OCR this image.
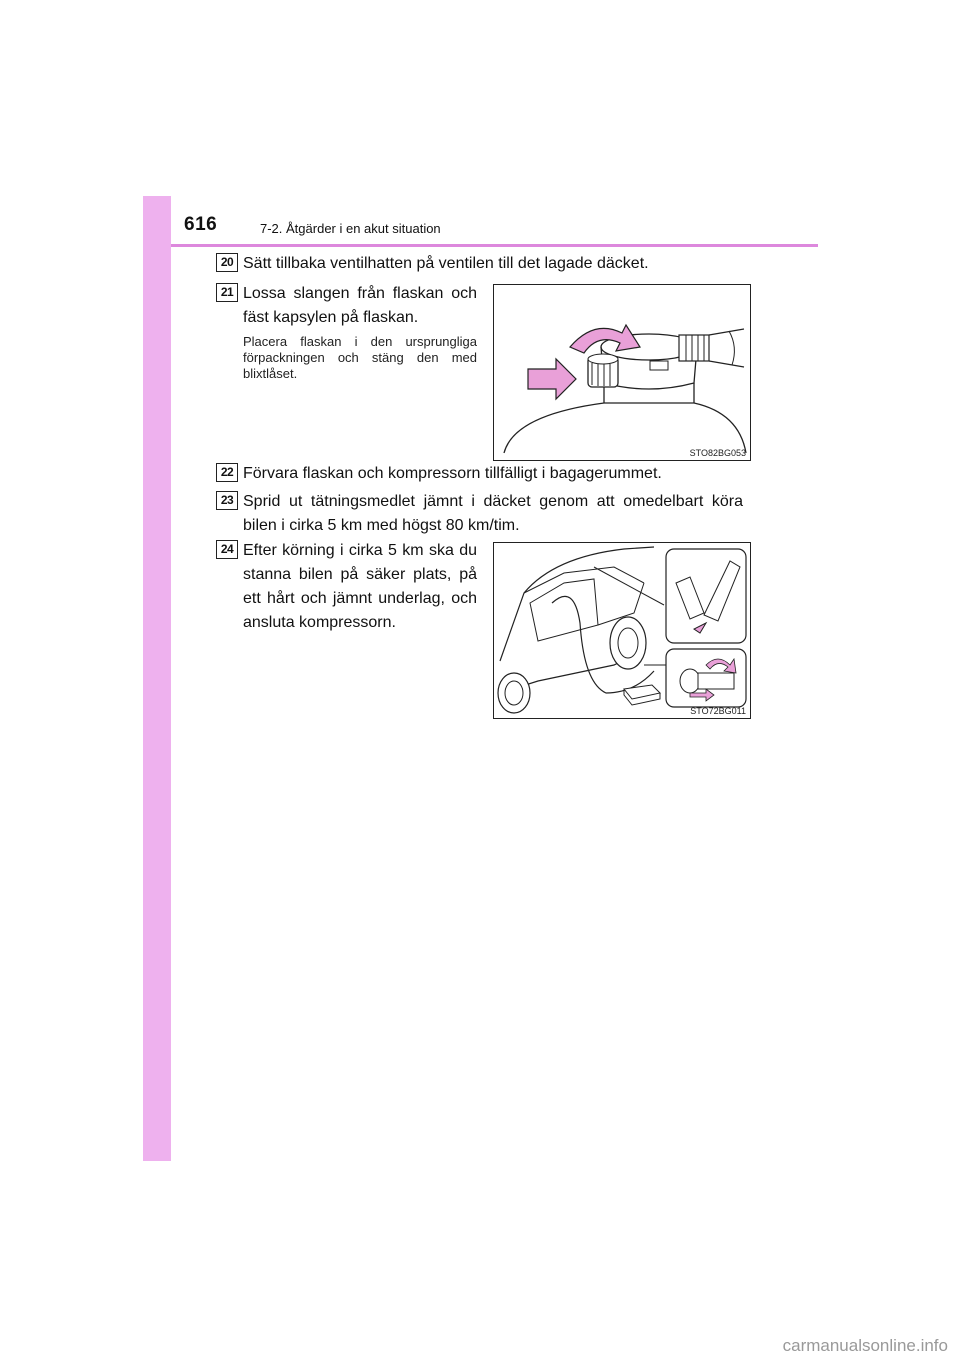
616	7-2. Åtgärder i en akut situation
20 Sätt tillbaka ventilhatten på ventilen till det lagade däcket.
21 Lossa slangen från flaskan och
fäst kapsylen på flaskan.
Placera flaskan i den ursprungliga
förpackningen och stäng den med
blixtlåset.
STO82BG053
22 Förvara flaskan och kompressorn tillfälligt i bagagerummet.
23 Sprid ut tätningsmedlet jämnt i däcket genom att omedelbart köra
bilen i cirka 5 km med högst 80 km/tim.
24 Efter körning i cirka 5 km ska du
stanna bilen på säker plats, på
ett hårt och jämnt underlag, och
ansluta kompressorn.
STO72BG011
carmanualsonline.info
